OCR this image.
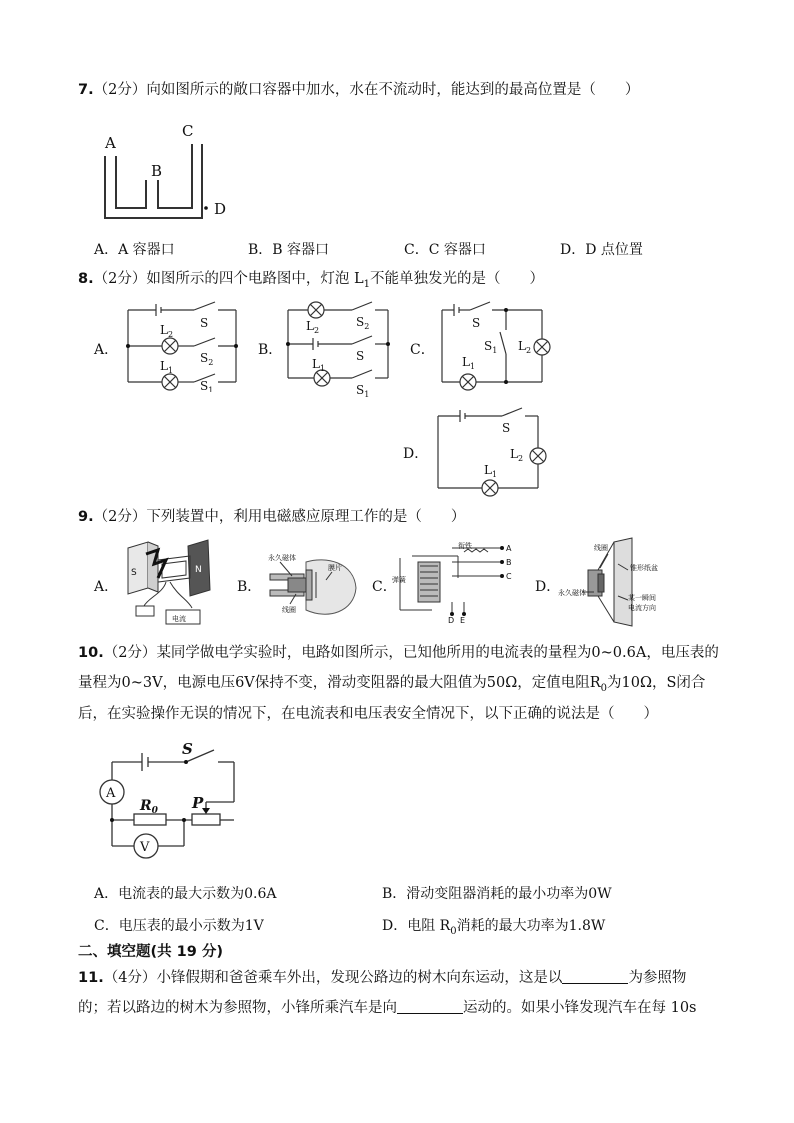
7.（2分）向如图所示的敞口容器中加水，水在不流动时，能达到的最高位置是（　　）
A
B
C
D
A．A 容器口	B．B 容器口	C．C 容器口	D．D 点位置
8.（2分）如图所示的四个电路图中，灯泡 $L_1$不能单独发光的是（　　）
A．	B．	C．
D．
S
$L_2$
$S_2$
$L_1$
$S_1$
$L_2$
$S_2$
S
$L_1$
$S_1$
S
$S_1$ $L_2$
$L_1$
S
$L_2$
$L_1$
9.（2分）下列装置中，利用电磁感应原理工作的是（　　）
A．	B．	C．	D．
S	N
电流
永久磁体
线圈
膜片
衔铁
弹簧
A
B
C
D E
线圈
锥形纸盆
永久磁体
某一瞬间
电流方向
10.（2分）某同学做电学实验时，电路如图所示，已知他所用的电流表的量程为0~0.6A，电压表的
量程为0~3V，电源电压6V保持不变，滑动变阻器的最大阻值为50Ω，定值电阻$R_0$为10Ω，S闭合
后，在实验操作无误的情况下，在电流表和电压表安全情况下，以下正确的说法是（　　）
S
A
$R_0$ P
V
A．电流表的最大示数为0.6A	B．滑动变阻器消耗的最小功率为0W
C．电压表的最小示数为1V	D．电阻 $R_0$消耗的最大功率为1.8W
二、填空题(共 19 分)
11.（4分）小锋假期和爸爸乘车外出，发现公路边的树木向东运动，这是以	为参照物
的；若以路边的树木为参照物，小锋所乘汽车是向	运动的。如果小锋发现汽车在每 10s
